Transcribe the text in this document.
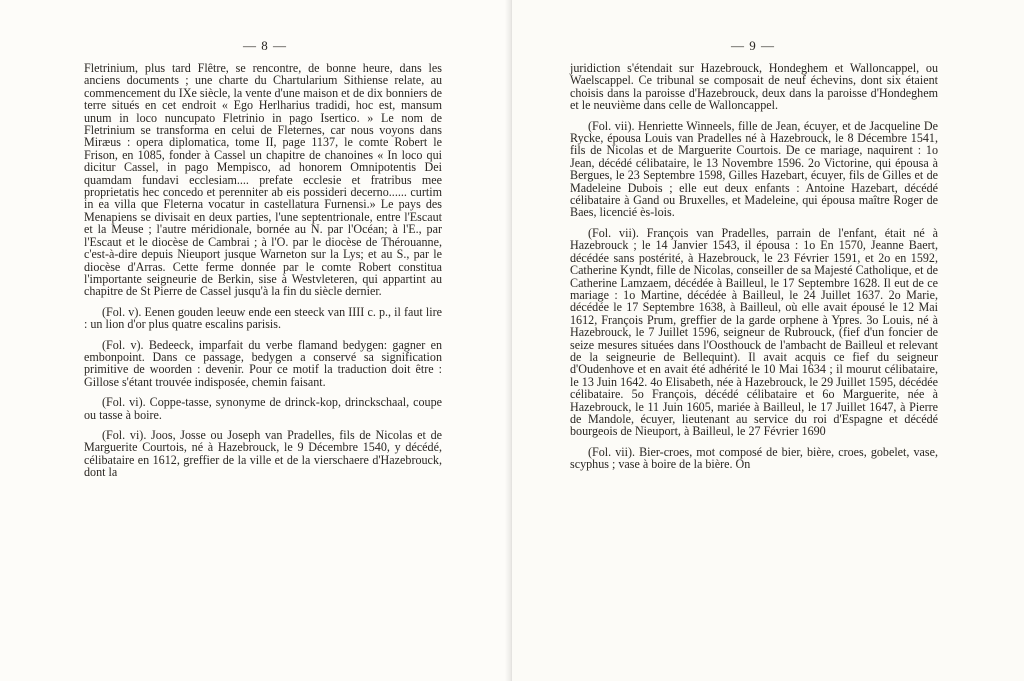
— 8 —

Fletrinium, plus tard Flêtre, se rencontre, de bonne heure, dans les anciens documents ; une charte du Chartularium Sithiense relate, au commencement du IXe siècle, la vente d'une maison et de dix bonniers de terre situés en cet endroit « Ego Herlharius tradidi, hoc est, mansum unum in loco nuncupato Fletrinio in pago Isertico. » Le nom de Fletrinium se transforma en celui de Fleternes, car nous voyons dans Miræus : opera diplomatica, tome II, page 1137, le comte Robert le Frison, en 1085, fonder à Cassel un chapitre de chanoines « In loco qui dicitur Cassel, in pago Mempisco, ad honorem Omnipotentis Dei quamdam fundavi ecclesiam.... prefate ecclesie et fratribus mee proprietatis hec concedo et perenniter ab eis possideri decerno...... curtim in ea villa que Fleterna vocatur in castellatura Furnensi.» Le pays des Menapiens se divisait en deux parties, l'une septentrionale, entre l'Escaut et la Meuse ; l'autre méridionale, bornée au N. par l'Océan; à l'E., par l'Escaut et le diocèse de Cambrai ; à l'O. par le diocèse de Thérouanne, c'est-à-dire depuis Nieuport jusque Warneton sur la Lys; et au S., par le diocèse d'Arras. Cette ferme donnée par le comte Robert constitua l'importante seigneurie de Berkin, sise à Westvleteren, qui appartint au chapitre de St Pierre de Cassel jusqu'à la fin du siècle dernier.

(Fol. v). Eenen gouden leeuw ende een steeck van IIII c. p., il faut lire : un lion d'or plus quatre escalins parisis.

(Fol. v). Bedeeck, imparfait du verbe flamand bedygen: gagner en embonpoint. Dans ce passage, bedygen a conservé sa signification primitive de woorden : devenir. Pour ce motif la traduction doit être : Gillose s'étant trouvée indisposée, chemin faisant.

(Fol. vi). Coppe-tasse, synonyme de drinck-kop, drinckschaal, coupe ou tasse à boire.

(Fol. vi). Joos, Josse ou Joseph van Pradelles, fils de Nicolas et de Marguerite Courtois, né à Hazebrouck, le 9 Décembre 1540, y décédé, célibataire en 1612, greffier de la ville et de la vierschaere d'Hazebrouck, dont la

— 9 —

juridiction s'étendait sur Hazebrouck, Hondeghem et Walloncappel, ou Waelscappel. Ce tribunal se composait de neuf échevins, dont six étaient choisis dans la paroisse d'Hazebrouck, deux dans la paroisse d'Hondeghem et le neuvième dans celle de Walloncappel.

(Fol. vii). Henriette Winneels, fille de Jean, écuyer, et de Jacqueline De Rycke, épousa Louis van Pradelles né à Hazebrouck, le 8 Décembre 1541, fils de Nicolas et de Marguerite Courtois. De ce mariage, naquirent : 1o Jean, décédé célibataire, le 13 Novembre 1596. 2o Victorine, qui épousa à Bergues, le 23 Septembre 1598, Gilles Hazebart, écuyer, fils de Gilles et de Madeleine Dubois ; elle eut deux enfants : Antoine Hazebart, décédé célibataire à Gand ou Bruxelles, et Madeleine, qui épousa maître Roger de Baes, licencié ès-lois.

(Fol. vii). François van Pradelles, parrain de l'enfant, était né à Hazebrouck ; le 14 Janvier 1543, il épousa : 1o En 1570, Jeanne Baert, décédée sans postérité, à Hazebrouck, le 23 Février 1591, et 2o en 1592, Catherine Kyndt, fille de Nicolas, conseiller de sa Majesté Catholique, et de Catherine Lamzaem, décédée à Bailleul, le 17 Septembre 1628. Il eut de ce mariage : 1o Martine, décédée à Bailleul, le 24 Juillet 1637. 2o Marie, décédée le 17 Septembre 1638, à Bailleul, où elle avait épousé le 12 Mai 1612, François Prum, greffier de la garde orphene à Ypres. 3o Louis, né à Hazebrouck, le 7 Juillet 1596, seigneur de Rubrouck, (fief d'un foncier de seize mesures situées dans l'Oosthouck de l'ambacht de Bailleul et relevant de la seigneurie de Bellequint). Il avait acquis ce fief du seigneur d'Oudenhove et en avait été adhérité le 10 Mai 1634 ; il mourut célibataire, le 13 Juin 1642. 4o Elisabeth, née à Hazebrouck, le 29 Juillet 1595, décédée célibataire. 5o François, décédé célibataire et 6o Marguerite, née à Hazebrouck, le 11 Juin 1605, mariée à Bailleul, le 17 Juillet 1647, à Pierre de Mandole, écuyer, lieutenant au service du roi d'Espagne et décédé bourgeois de Nieuport, à Bailleul, le 27 Février 1690

(Fol. vii). Bier-croes, mot composé de bier, bière, croes, gobelet, vase, scyphus ; vase à boire de la bière. On
